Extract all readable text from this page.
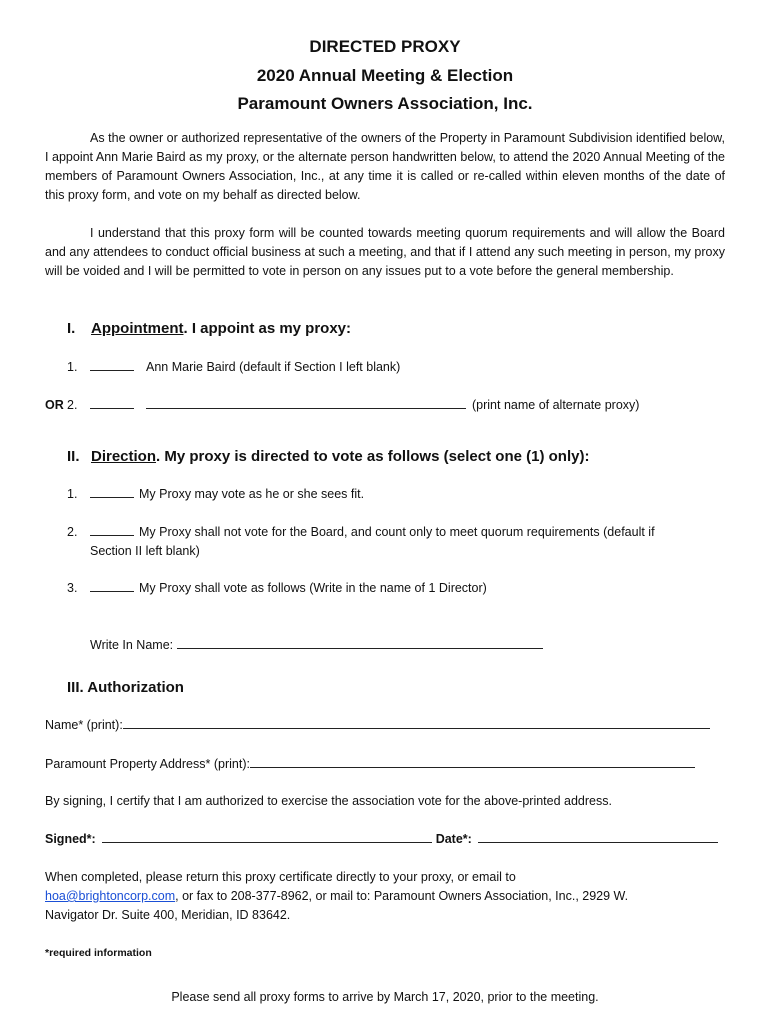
DIRECTED PROXY
2020 Annual Meeting & Election
Paramount Owners Association, Inc.
As the owner or authorized representative of the owners of the Property in Paramount Subdivision identified below, I appoint Ann Marie Baird as my proxy, or the alternate person handwritten below, to attend the 2020 Annual Meeting of the members of Paramount Owners Association, Inc., at any time it is called or re-called within eleven months of the date of this proxy form, and vote on my behalf as directed below.
I understand that this proxy form will be counted towards meeting quorum requirements and will allow the Board and any attendees to conduct official business at such a meeting, and that if I attend any such meeting in person, my proxy will be voided and I will be permitted to vote in person on any issues put to a vote before the general membership.
I. Appointment. I appoint as my proxy:
1.	Ann Marie Baird (default if Section I left blank)
OR 2.	(print name of alternate proxy)
II. Direction. My proxy is directed to vote as follows (select one (1) only):
1.	My Proxy may vote as he or she sees fit.
2.	My Proxy shall not vote for the Board, and count only to meet quorum requirements (default if
Section II left blank)
3.	My Proxy shall vote as follows (Write in the name of 1 Director)
Write In Name:
III. Authorization
Name* (print):
Paramount Property Address* (print):
By signing, I certify that I am authorized to exercise the association vote for the above-printed address.
Signed*:	Date*:
When completed, please return this proxy certificate directly to your proxy, or email to
hoa@brightoncorp.com, or fax to 208-377-8962, or mail to: Paramount Owners Association, Inc., 2929 W.
Navigator Dr. Suite 400, Meridian, ID 83642.
*required information
Please send all proxy forms to arrive by March 17, 2020, prior to the meeting.
